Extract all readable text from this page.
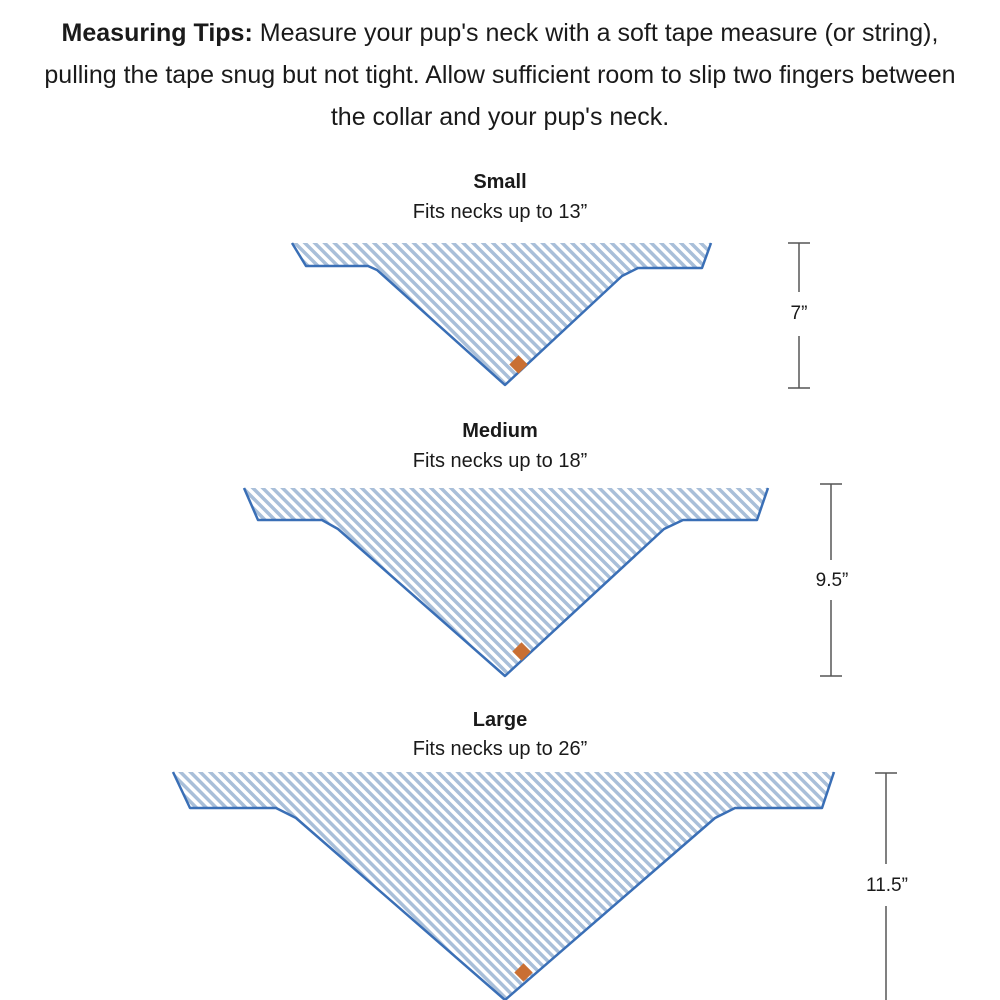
Measuring Tips: Measure your pup's neck with a soft tape measure (or string), pulling the tape snug but not tight. Allow sufficient room to slip two fingers between the collar and your pup's neck.
Small
Fits necks up to 13”
Medium
Fits necks up to 18”
Large
Fits necks up to 26”
7”
9.5”
11.5”
